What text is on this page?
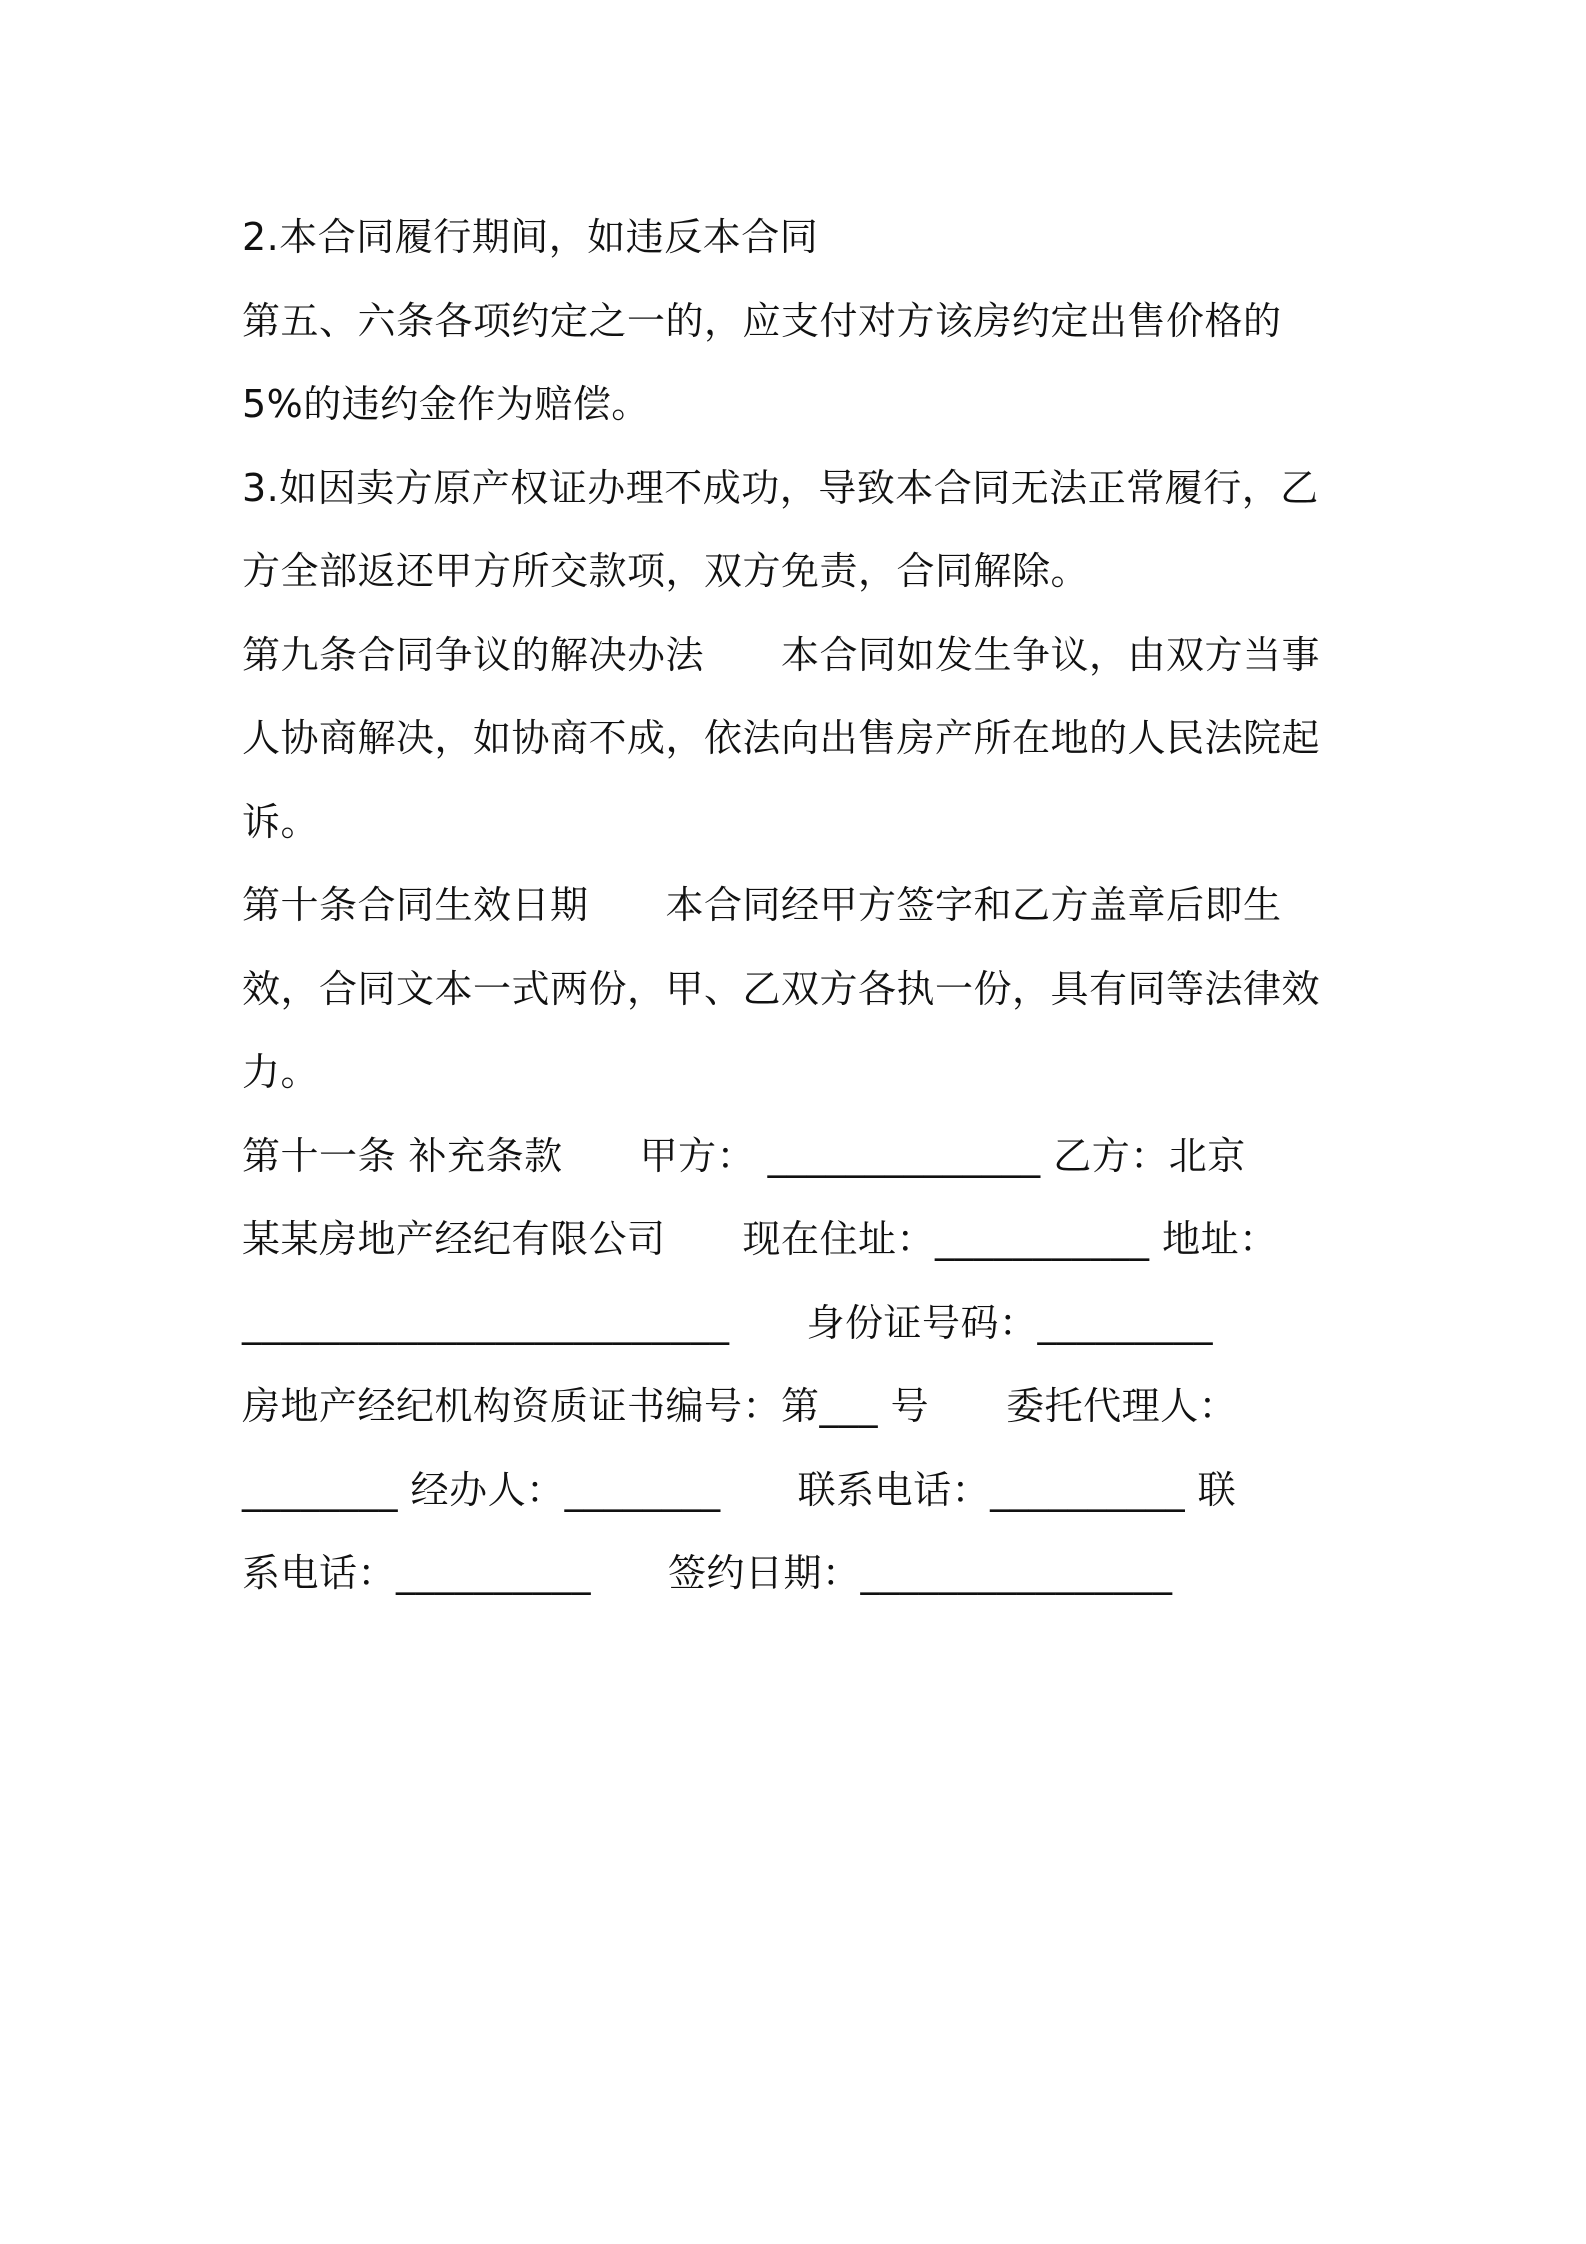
2.本合同履行期间，如违反本合同
第五、六条各项约定之一的，应支付对方该房约定出售价格的
5%的违约金作为赔偿。
3.如因卖方原产权证办理不成功，导致本合同无法正常履行，乙
方全部返还甲方所交款项，双方免责，合同解除。
第九条合同争议的解决办法　　本合同如发生争议，由双方当事
人协商解决，如协商不成，依法向出售房产所在地的人民法院起
诉。
第十条合同生效日期　　本合同经甲方签字和乙方盖章后即生
效，合同文本一式两份，甲、乙双方各执一份，具有同等法律效
力。
第十一条 补充条款　　甲方： ______________ 乙方：北京
某某房地产经纪有限公司　　现在住址：___________ 地址：
_________________________　　身份证号码：_________
房地产经纪机构资质证书编号：第___ 号　　委托代理人：
________ 经办人：________　　联系电话：__________ 联
系电话：__________　　签约日期：________________
